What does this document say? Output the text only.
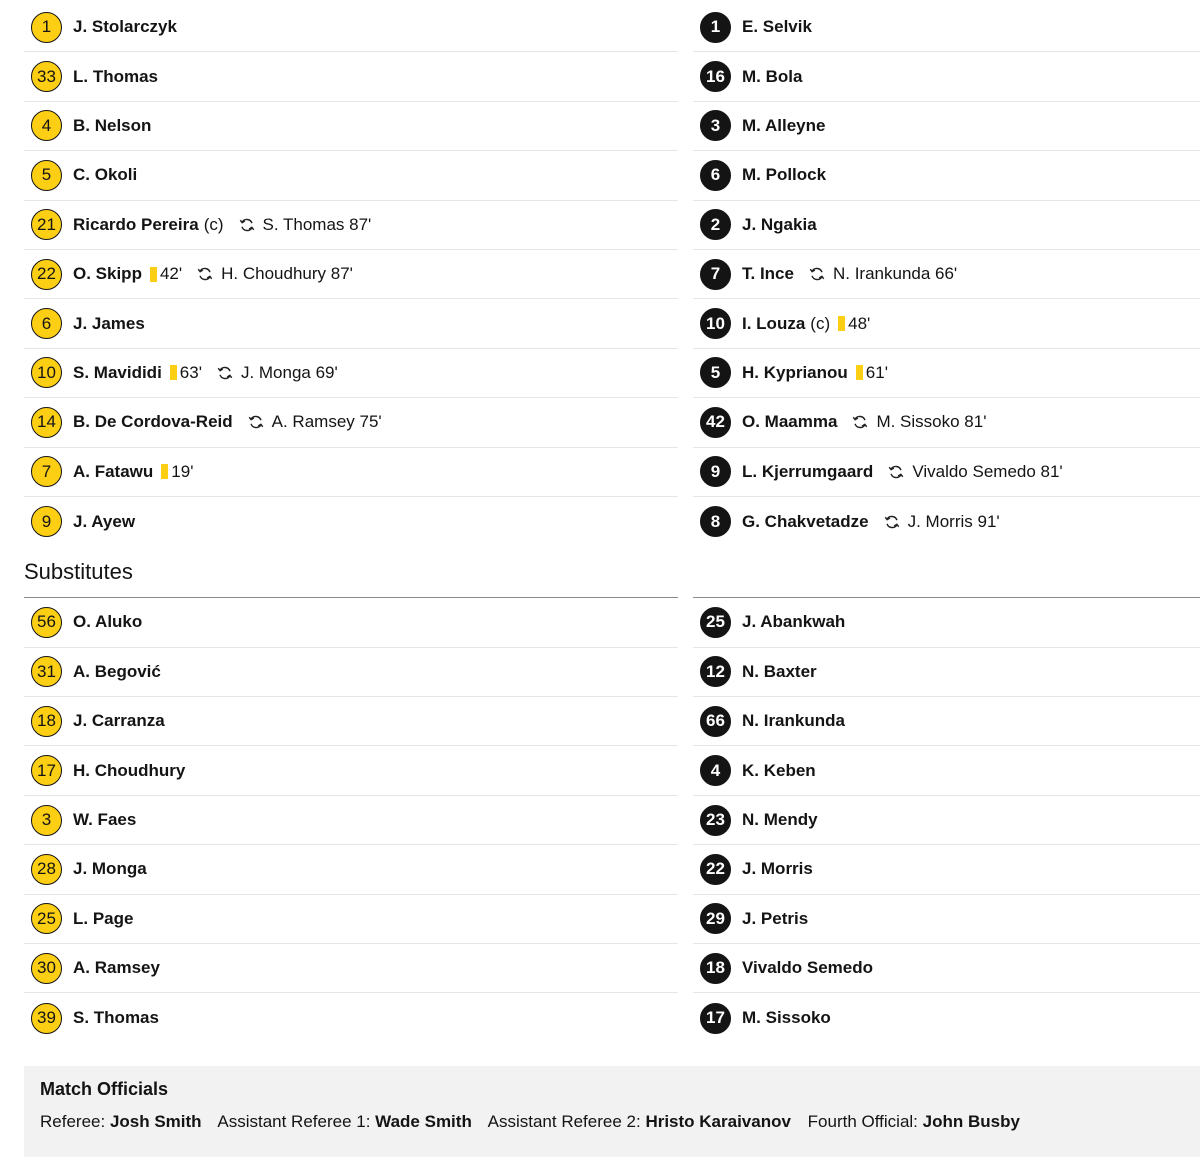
1	J. Stolarczyk
33	L. Thomas
4	B. Nelson
5	C. Okoli
21	Ricardo Pereira (c) S. Thomas 87'
22	O. Skipp 42' H. Choudhury 87'
6	J. James
10	S. Mavididi 63' J. Monga 69'
14	B. De Cordova-Reid A. Ramsey 75'
7	A. Fatawu 19'
9	J. Ayew
Substitutes
56	O. Aluko
31	A. Begović
18	J. Carranza
17	H. Choudhury
3	W. Faes
28	J. Monga
25	L. Page
30	A. Ramsey
39	S. Thomas
1	E. Selvik
16	M. Bola
3	M. Alleyne
6	M. Pollock
2	J. Ngakia
7	T. Ince N. Irankunda 66'
10	I. Louza (c) 48'
5	H. Kyprianou 61'
42	O. Maamma M. Sissoko 81'
9	L. Kjerrumgaard Vivaldo Semedo 81'
8	G. Chakvetadze J. Morris 91'
25	J. Abankwah
12	N. Baxter
66	N. Irankunda
4	K. Keben
23	N. Mendy
22	J. Morris
29	J. Petris
18	Vivaldo Semedo
17	M. Sissoko
Match Officials
Referee: Josh Smith Assistant Referee 1: Wade Smith Assistant Referee 2: Hristo Karaivanov Fourth Official: John Busby
